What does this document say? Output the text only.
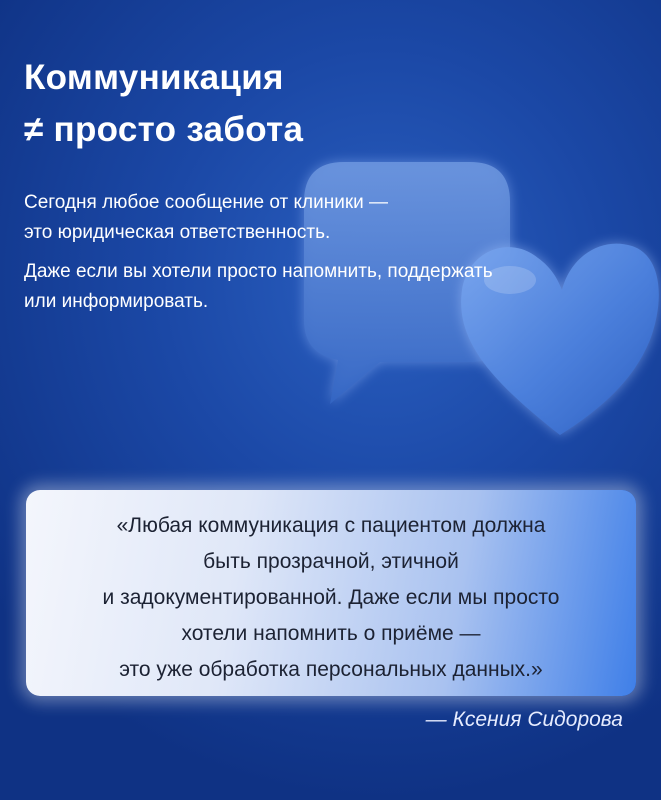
Коммуникация
≠ просто забота

Сегодня любое сообщение от клиники —
это юридическая ответственность.

Даже если вы хотели просто напомнить, поддержать
или информировать.

«Любая коммуникация с пациентом должна
быть прозрачной, этичной
и задокументированной. Даже если мы просто
хотели напомнить о приёме —
это уже обработка персональных данных.»

— Ксения Сидорова
